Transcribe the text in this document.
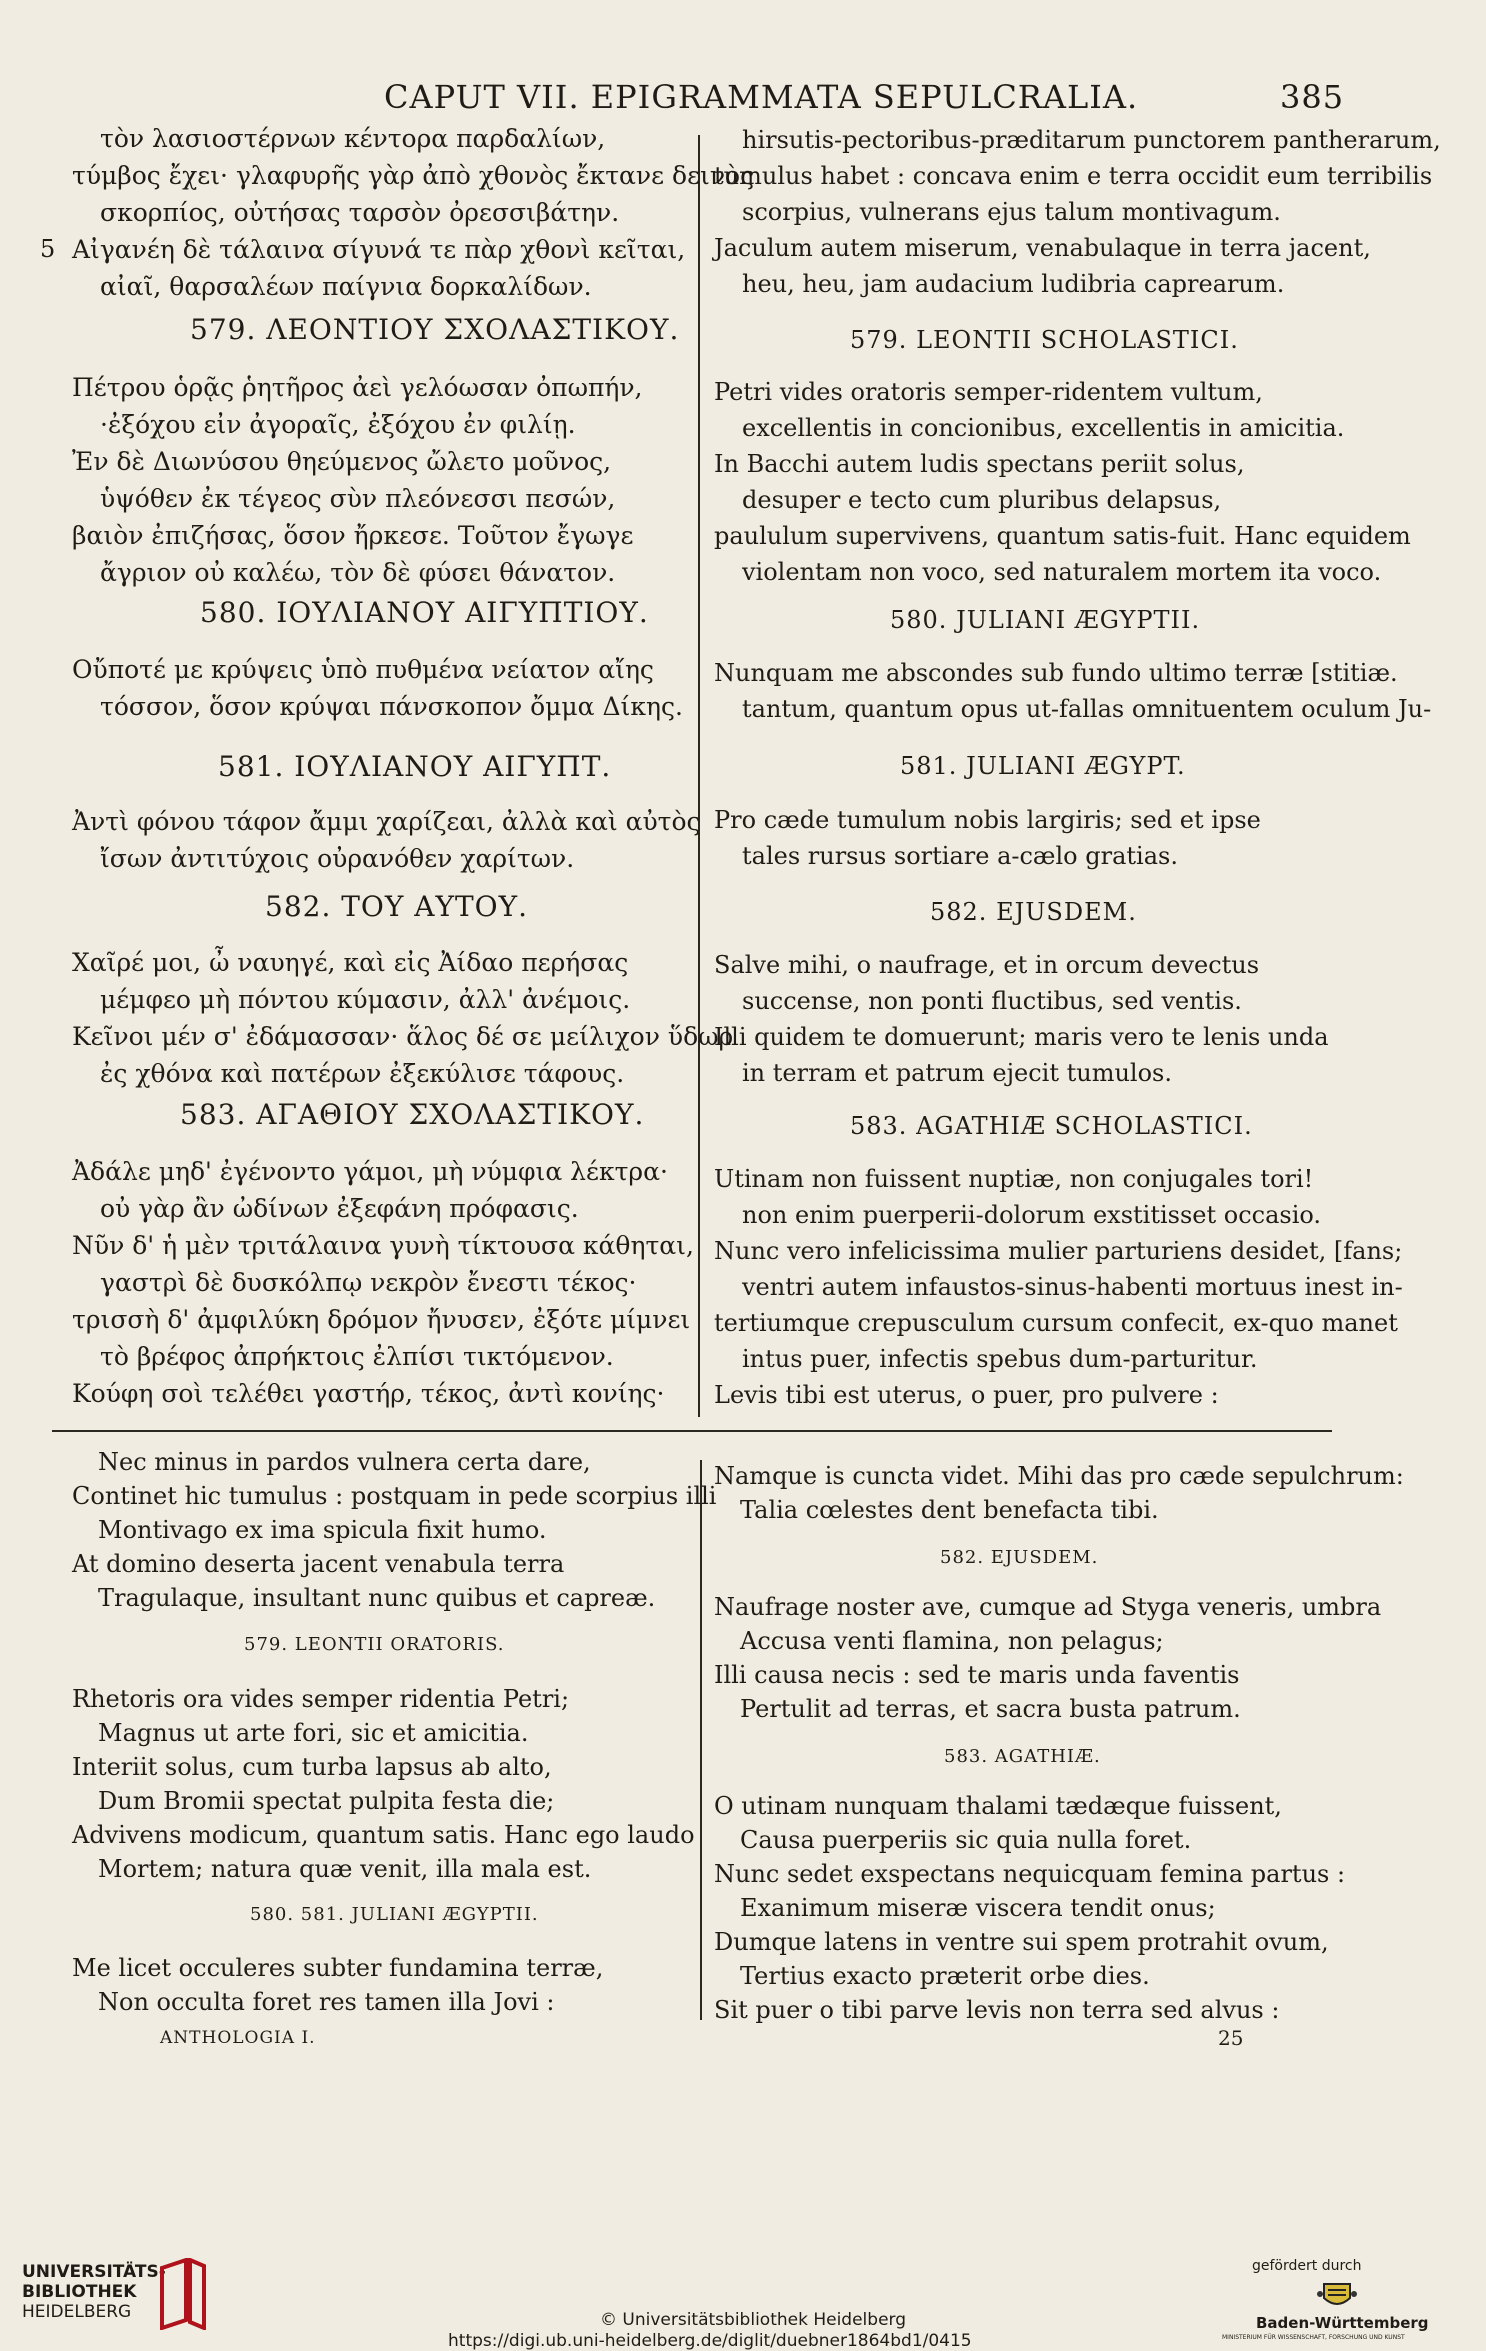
CAPUT VII. EPIGRAMMATA SEPULCRALIA.	385
τὸν λασιοστέρνων κέντορα παρδαλίων,
τύμβος ἔχει· γλαφυρῆς γὰρ ἀπὸ χθονὸς ἔκτανε δεινὸς
σκορπίος, οὐτήσας ταρσὸν ὀρεσσιβάτην.
Αἰγανέη δὲ τάλαινα σίγυνά τε πὰρ χθονὶ κεῖται,
αἰαῖ, θαρσαλέων παίγνια δορκαλίδων.
579. ΛΕΟΝΤΙΟΥ ΣΧΟΛΑΣΤΙΚΟΥ.
Πέτρου ὁρᾷς ῥητῆρος ἀεὶ γελόωσαν ὀπωπήν,
·ἐξόχου εἰν ἀγοραῖς, ἐξόχου ἐν φιλίῃ.
Ἐν δὲ Διωνύσου θηεύμενος ὤλετο μοῦνος,
ὑψόθεν ἐκ τέγεος σὺν πλεόνεσσι πεσών,
βαιὸν ἐπιζήσας, ὅσον ἤρκεσε. Τοῦτον ἔγωγε
ἄγριον οὐ καλέω, τὸν δὲ φύσει θάνατον.
580. ΙΟΥΛΙΑΝΟΥ ΑΙΓΥΠΤΙΟΥ.
Οὔποτέ με κρύψεις ὑπὸ πυθμένα νείατον αἴης
τόσσον, ὅσον κρύψαι πάνσκοπον ὄμμα Δίκης.
581. ΙΟΥΛΙΑΝΟΥ ΑΙΓΥΠΤ.
Ἀντὶ φόνου τάφον ἄμμι χαρίζεαι, ἀλλὰ καὶ αὐτὸς
ἴσων ἀντιτύχοις οὐρανόθεν χαρίτων.
582. ΤΟΥ ΑΥΤΟΥ.
Χαῖρέ μοι, ὦ ναυηγέ, καὶ εἰς Ἀίδαο περήσας
μέμφεο μὴ πόντου κύμασιν, ἀλλ' ἀνέμοις.
Κεῖνοι μέν σ' ἐδάμασσαν· ἅλος δέ σε μείλιχον ὕδωρ
ἐς χθόνα καὶ πατέρων ἐξεκύλισε τάφους.
583. ΑΓΑΘΙΟΥ ΣΧΟΛΑΣΤΙΚΟΥ.
Ἀδάλε μηδ' ἐγένοντο γάμοι, μὴ νύμφια λέκτρα·
οὐ γὰρ ἂν ὠδίνων ἐξεφάνη πρόφασις.
Νῦν δ' ἡ μὲν τριτάλαινα γυνὴ τίκτουσα κάθηται,
γαστρὶ δὲ δυσκόλπῳ νεκρὸν ἔνεστι τέκος·
τρισσὴ δ' ἀμφιλύκη δρόμον ἤνυσεν, ἐξότε μίμνει
τὸ βρέφος ἀπρήκτοις ἐλπίσι τικτόμενον.
Κούφη σοὶ τελέθει γαστήρ, τέκος, ἀντὶ κονίης·
hirsutis-pectoribus-præditarum punctorem pantherarum,
tumulus habet : concava enim e terra occidit eum terribilis
scorpius, vulnerans ejus talum montivagum.
Jaculum autem miserum, venabulaque in terra jacent,
heu, heu, jam audacium ludibria caprearum.
579. LEONTII SCHOLASTICI.
Petri vides oratoris semper-ridentem vultum,
excellentis in concionibus, excellentis in amicitia.
In Bacchi autem ludis spectans periit solus,
desuper e tecto cum pluribus delapsus,
paululum supervivens, quantum satis-fuit. Hanc equidem
violentam non voco, sed naturalem mortem ita voco.
580. JULIANI ÆGYPTII.
Nunquam me abscondes sub fundo ultimo terræ [stitiæ.
tantum, quantum opus ut-fallas omnituentem oculum Ju-
581. JULIANI ÆGYPT.
Pro cæde tumulum nobis largiris; sed et ipse
tales rursus sortiare a-cælo gratias.
582. EJUSDEM.
Salve mihi, o naufrage, et in orcum devectus
succense, non ponti fluctibus, sed ventis.
Illi quidem te domuerunt; maris vero te lenis unda
in terram et patrum ejecit tumulos.
583. AGATHIÆ SCHOLASTICI.
Utinam non fuissent nuptiæ, non conjugales tori!
non enim puerperii-dolorum exstitisset occasio.
Nunc vero infelicissima mulier parturiens desidet, [fans;
ventri autem infaustos-sinus-habenti mortuus inest in-
tertiumque crepusculum cursum confecit, ex-quo manet
intus puer, infectis spebus dum-parturitur.
Levis tibi est uterus, o puer, pro pulvere :
Nec minus in pardos vulnera certa dare,
Continet hic tumulus : postquam in pede scorpius illi
Montivago ex ima spicula fixit humo.
At domino deserta jacent venabula terra
Tragulaque, insultant nunc quibus et capreæ.
579. LEONTII ORATORIS.
Rhetoris ora vides semper ridentia Petri;
Magnus ut arte fori, sic et amicitia.
Interiit solus, cum turba lapsus ab alto,
Dum Bromii spectat pulpita festa die;
Advivens modicum, quantum satis. Hanc ego laudo
Mortem; natura quæ venit, illa mala est.
580. 581. JULIANI ÆGYPTII.
Me licet occuleres subter fundamina terræ,
Non occulta foret res tamen illa Jovi :
Namque is cuncta videt. Mihi das pro cæde sepulchrum:
Talia cœlestes dent benefacta tibi.
582. EJUSDEM.
Naufrage noster ave, cumque ad Styga veneris, umbra
Accusa venti flamina, non pelagus;
Illi causa necis : sed te maris unda faventis
Pertulit ad terras, et sacra busta patrum.
583. AGATHIÆ.
O utinam nunquam thalami tædæque fuissent,
Causa puerperiis sic quia nulla foret.
Nunc sedet exspectans nequicquam femina partus :
Exanimum miseræ viscera tendit onus;
Dumque latens in ventre sui spem protrahit ovum,
Tertius exacto præterit orbe dies.
Sit puer o tibi parve levis non terra sed alvus :
5
ANTHOLOGIA I.	25
UNIVERSITÄTS-
BIBLIOTHEK
HEIDELBERG	© Universitätsbibliothek Heidelberg
https://digi.ub.uni-heidelberg.de/diglit/duebner1864bd1/0415
gefördert durch
Baden-Württemberg
MINISTERIUM FÜR WISSENSCHAFT, FORSCHUNG UND KUNST
